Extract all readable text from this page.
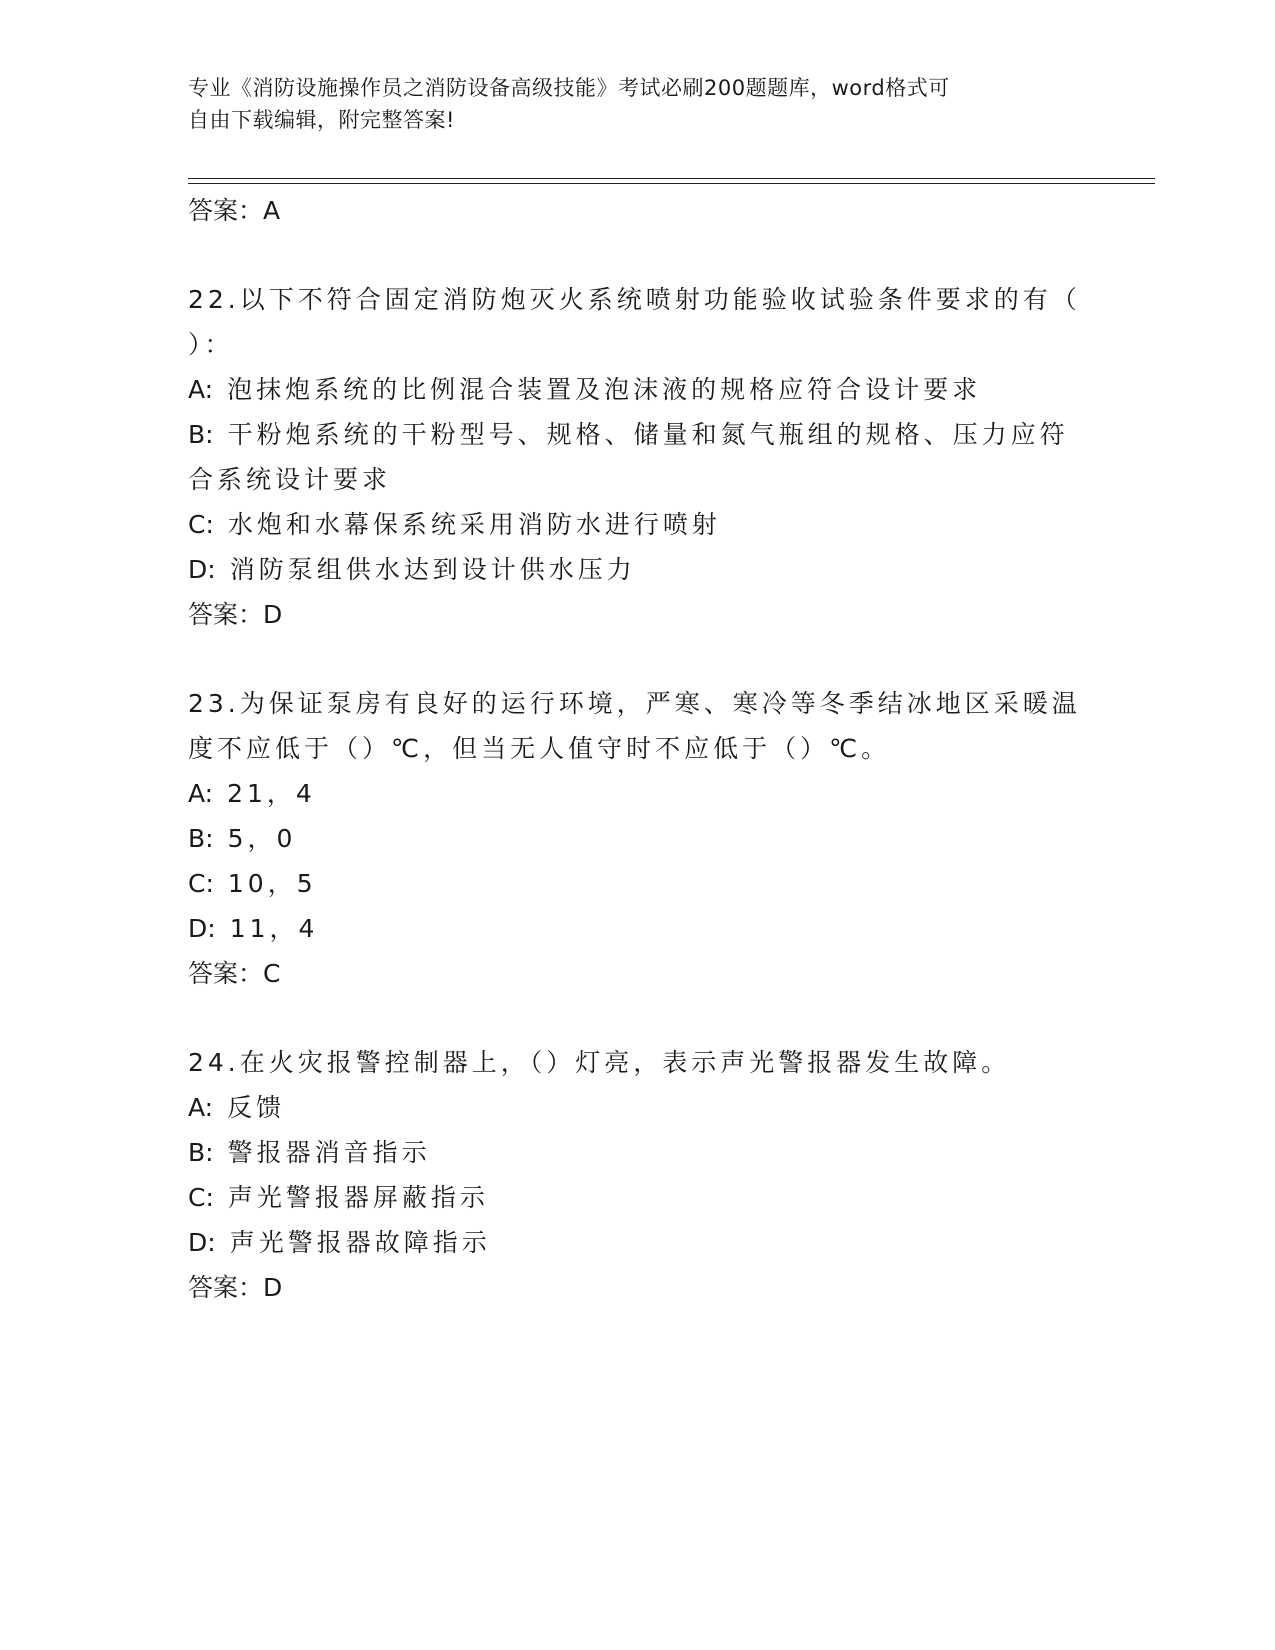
专业《消防设施操作员之消防设备高级技能》考试必刷200题题库，word格式可
自由下载编辑，附完整答案!
答案：A
22.以下不符合固定消防炮灭火系统喷射功能验收试验条件要求的有（
）：
A: 泡抹炮系统的比例混合装置及泡沫液的规格应符合设计要求
B: 干粉炮系统的干粉型号、规格、储量和氮气瓶组的规格、压力应符
合系统设计要求
C: 水炮和水幕保系统采用消防水进行喷射
D: 消防泵组供水达到设计供水压力
答案：D
23.为保证泵房有良好的运行环境，严寒、寒冷等冬季结冰地区采暖温
度不应低于（）℃，但当无人值守时不应低于（）℃。
A: 21，4
B: 5，0
C: 10，5
D: 11，4
答案：C
24.在火灾报警控制器上，（）灯亮，表示声光警报器发生故障。
A: 反馈
B: 警报器消音指示
C: 声光警报器屏蔽指示
D: 声光警报器故障指示
答案：D
